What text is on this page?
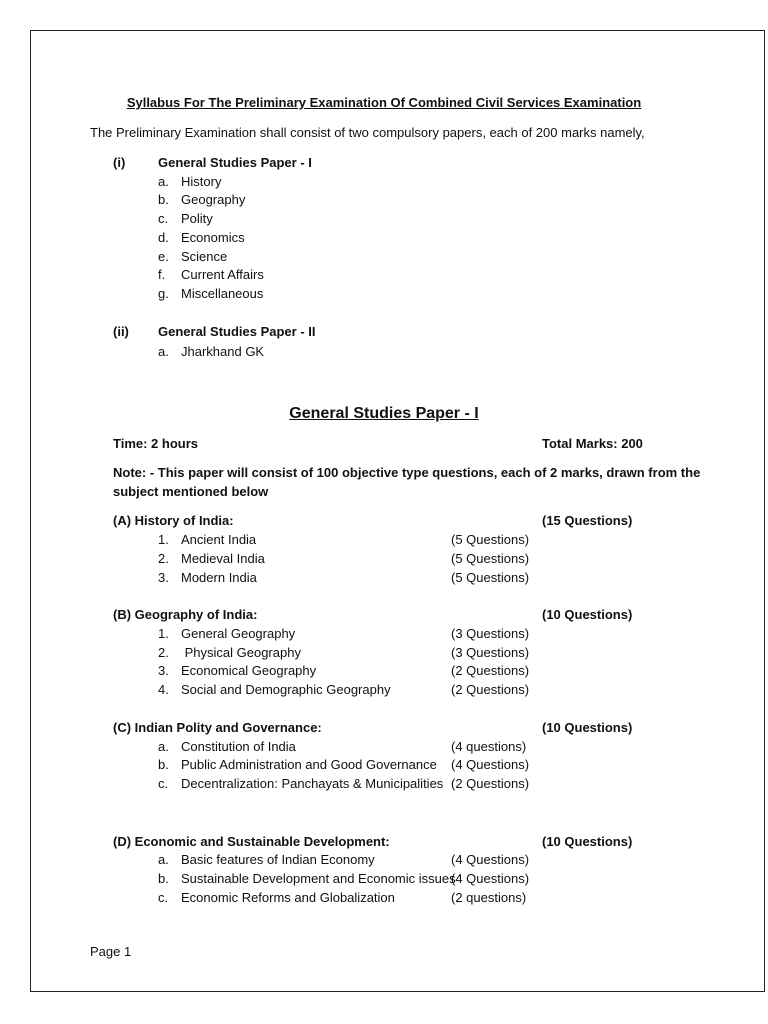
Syllabus For The Preliminary Examination Of Combined Civil Services Examination
The Preliminary Examination shall consist of two compulsory papers, each of 200 marks namely,
(i)	General Studies Paper - I
a. History
b. Geography
c. Polity
d. Economics
e. Science
f. Current Affairs
g. Miscellaneous
(ii) General Studies Paper - II
a. Jharkhand GK
General Studies Paper - I
Time: 2 hours	Total Marks: 200
Note: - This paper will consist of 100 objective type questions, each of 2 marks, drawn from the
subject mentioned below
(A) History of India:	(15 Questions)
1. Ancient India	(5 Questions)
2. Medieval India	(5 Questions)
3. Modern India	(5 Questions)
(B) Geography of India:	(10 Questions)
1. General Geography	(3 Questions)
2. Physical Geography	(3 Questions)
3. Economical Geography	(2 Questions)
4. Social and Demographic Geography	(2 Questions)
(C) Indian Polity and Governance:	(10 Questions)
a. Constitution of India	(4 questions)
b. Public Administration and Good Governance (4 Questions)
c. Decentralization: Panchayats & Municipalities (2 Questions)
(D) Economic and Sustainable Development:	(10 Questions)
a. Basic features of Indian Economy	(4 Questions)
b. Sustainable Development and Economic issues
(4 Questions)
c. Economic Reforms and Globalization	(2 questions)
Page 1
